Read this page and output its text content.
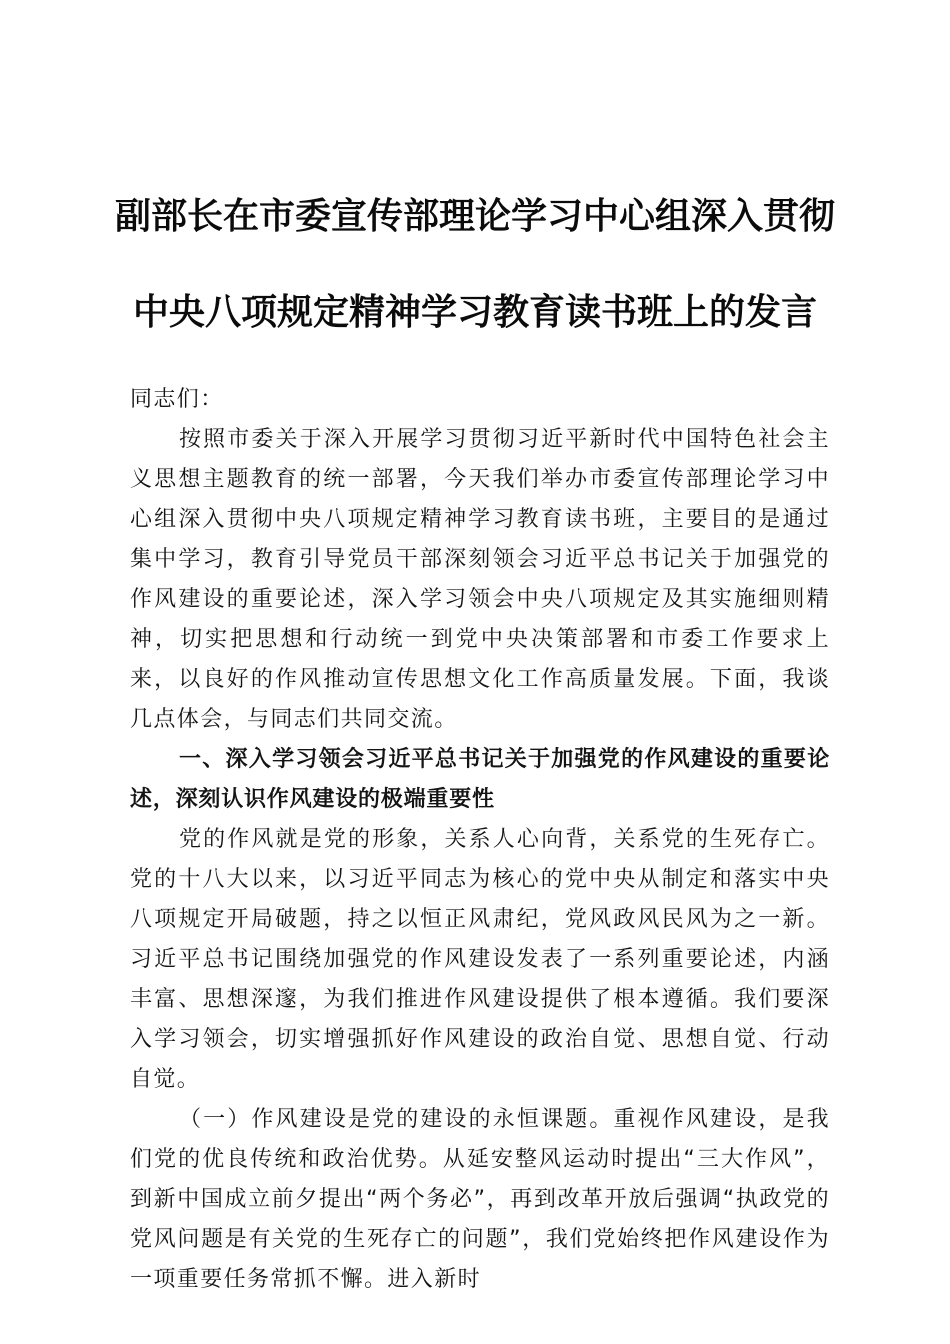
副部长在市委宣传部理论学习中心组深入贯彻
中央八项规定精神学习教育读书班上的发言

同志们：

按照市委关于深入开展学习贯彻习近平新时代中国特色社会主义思想主题教育的统一部署，今天我们举办市委宣传部理论学习中心组深入贯彻中央八项规定精神学习教育读书班，主要目的是通过集中学习，教育引导党员干部深刻领会习近平总书记关于加强党的作风建设的重要论述，深入学习领会中央八项规定及其实施细则精神，切实把思想和行动统一到党中央决策部署和市委工作要求上来，以良好的作风推动宣传思想文化工作高质量发展。下面，我谈几点体会，与同志们共同交流。

一、深入学习领会习近平总书记关于加强党的作风建设的重要论述，深刻认识作风建设的极端重要性

党的作风就是党的形象，关系人心向背，关系党的生死存亡。党的十八大以来，以习近平同志为核心的党中央从制定和落实中央八项规定开局破题，持之以恒正风肃纪，党风政风民风为之一新。习近平总书记围绕加强党的作风建设发表了一系列重要论述，内涵丰富、思想深邃，为我们推进作风建设提供了根本遵循。我们要深入学习领会，切实增强抓好作风建设的政治自觉、思想自觉、行动自觉。

（一）作风建设是党的建设的永恒课题。重视作风建设，是我们党的优良传统和政治优势。从延安整风运动时提出“三大作风”，到新中国成立前夕提出“两个务必”，再到改革开放后强调“执政党的党风问题是有关党的生死存亡的问题”，我们党始终把作风建设作为一项重要任务常抓不懈。进入新时
